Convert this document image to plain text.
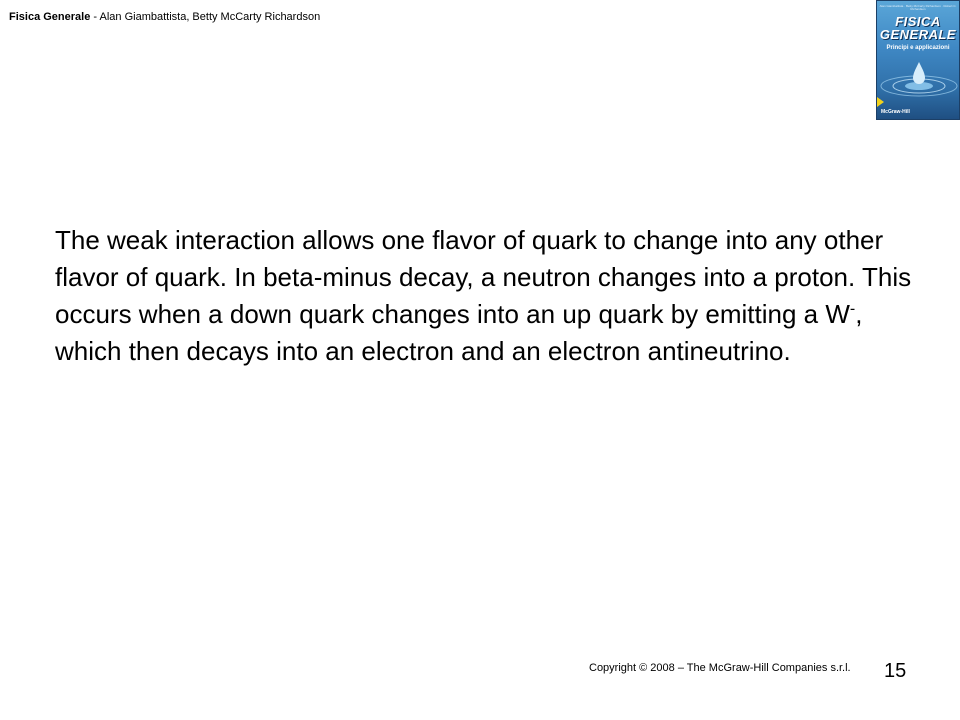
Fisica Generale - Alan Giambattista, Betty McCarty Richardson
Alan Giambattista · Betty McCarty Richardson · Robert C. Richardson
FISICA
GENERALE
Principi e applicazioni
McGraw-Hill

The weak interaction allows one flavor of quark to change into any other flavor of quark. In beta-minus decay, a neutron changes into a proton. This occurs when a down quark changes into an up quark by emitting a W-, which then decays into an electron and an electron antineutrino.

Copyright © 2008 – The McGraw-Hill Companies s.r.l. 15
